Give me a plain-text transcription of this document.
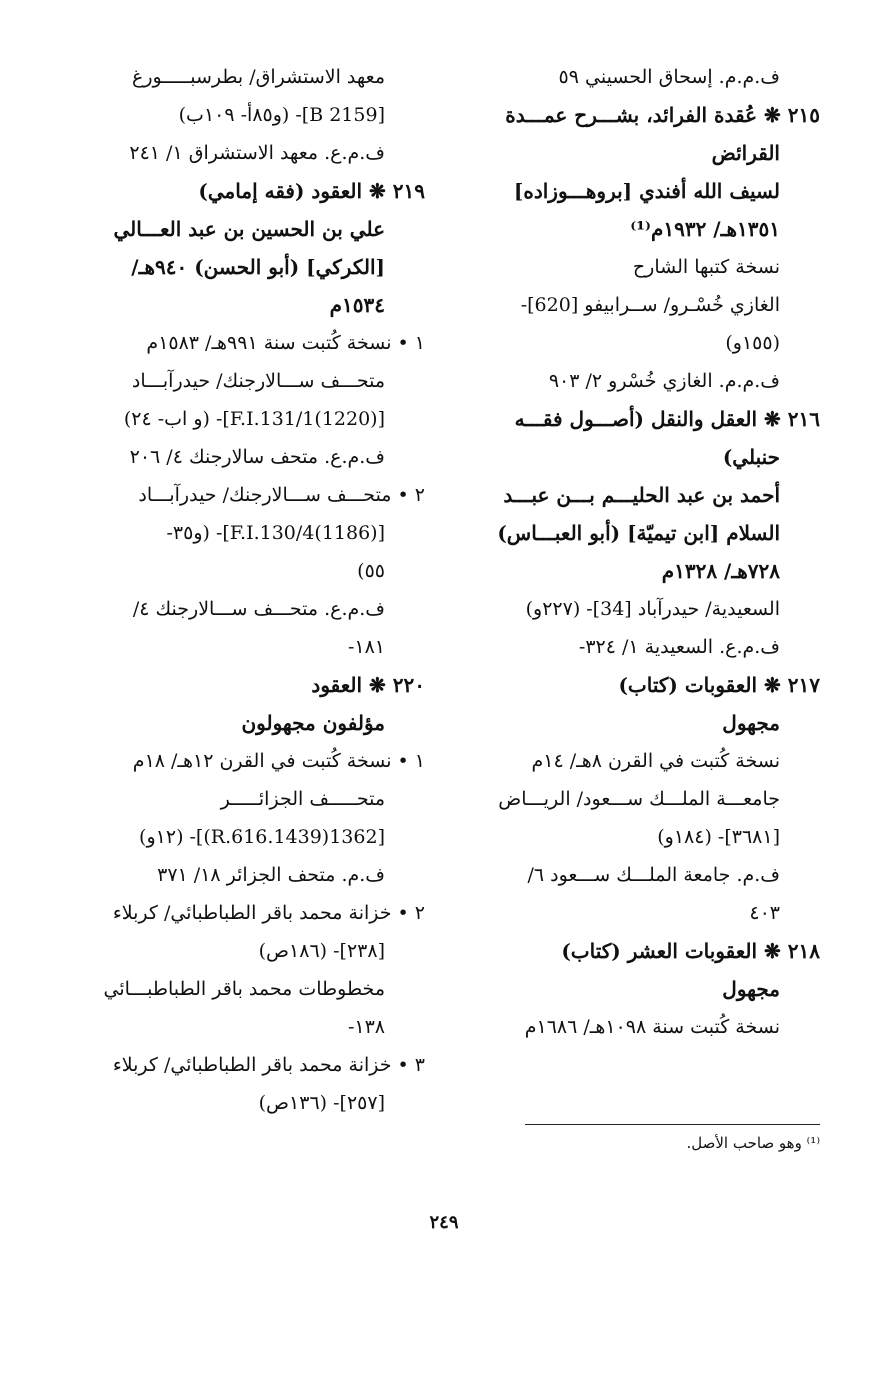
ف.م.م. إسحاق الحسيني ٥٩
٢١٥ ❋ عُقدة الفرائد، بشـــرح عمـــدة
القرائض
لسيف الله أفندي [بروهـــوزاده]
١٣٥١هـ/ ١٩٣٢م⁽¹⁾
نسخة كتبها الشارح
الغازي خُسْـرو/ ســرابيفو [620]-
(١٥٥و)
ف.م.م. الغازي خُسْرو ٢/ ٩٠٣
٢١٦ ❋ العقل والنقل (أصـــول فقـــه
حنبلي)
أحمد بن عبد الحليـــم بـــن عبـــد
السلام [ابن تيميّة] (أبو العبـــاس)
٧٢٨هـ/ ١٣٢٨م
السعيدية/ حيدرآباد [34]- (٢٢٧و)
ف.م.ع. السعيدية ١/ ٣٢٤-
٢١٧ ❋ العقوبات (كتاب)
مجهول
نسخة كُتبت في القرن ٨هـ/ ١٤م
جامعـــة الملـــك ســـعود/ الريـــاض
[٣٦٨١]- (١٨٤و)
ف.م. جامعة الملـــك ســـعود ٦/
٤٠٣
٢١٨ ❋ العقوبات العشر (كتاب)
مجهول
نسخة كُتبت سنة ١٠٩٨هـ/ ١٦٨٦م
معهد الاستشراق/ بطرسبـــــورغ
[B 2159]- (و٨٥أ- ١٠٩ب)
ف.م.ع. معهد الاستشراق ١/ ٢٤١
٢١٩ ❋ العقود (فقه إمامي)
علي بن الحسين بن عبد العـــالي
[الكركي] (أبو الحسن) ٩٤٠هـ/
١٥٣٤م
١ • نسخة كُتبت سنة ٩٩١هـ/ ١٥٨٣م
متحـــف ســـالارجنك/ حيدرآبـــاد
[(1220)F.I.131/1]- (و اب- ٢٤)
ف.م.ع. متحف سالارجنك ٤/ ٢٠٦
٢ • متحـــف ســـالارجنك/ حيدرآبـــاد
[(1186)F.I.130/4]- (و٣٥-
٥٥)
ف.م.ع. متحـــف ســـالارجنك ٤/
١٨١-
٢٢٠ ❋ العقود
مؤلفون مجهولون
١ • نسخة كُتبت في القرن ١٢هـ/ ١٨م
متحـــــف الجزائـــــر
[1362(1439.R.616)]- (١٢و)
ف.م. متحف الجزائر ١٨/ ٣٧١
٢ • خزانة محمد باقر الطباطبائي/ كربلاء
[٢٣٨]- (١٨٦ص)
مخطوطات محمد باقر الطباطبـــائي
١٣٨-
٣ • خزانة محمد باقر الطباطبائي/ كربلاء
[٢٥٧]- (١٣٦ص)
⁽¹⁾ وهو صاحب الأصل.
٢٤٩
